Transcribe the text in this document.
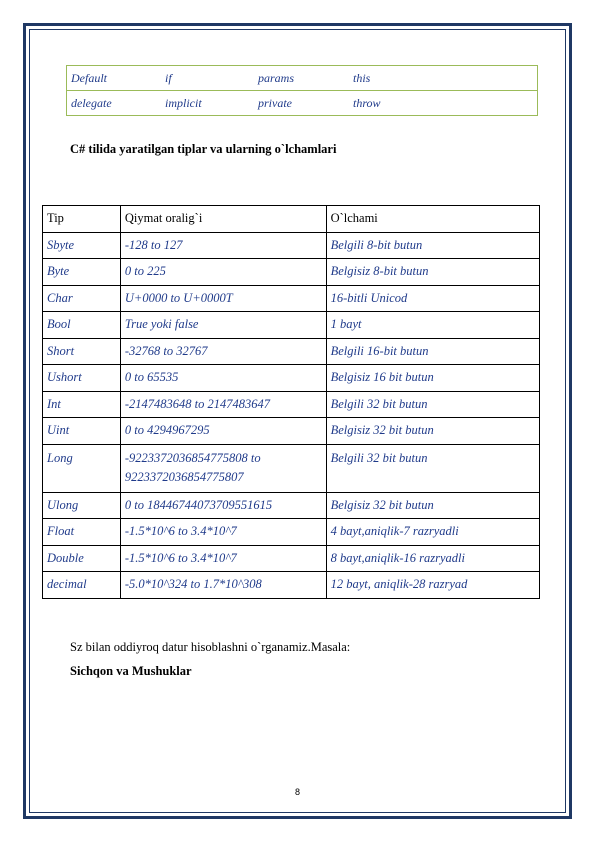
Default	if	params	this
delegate	implicit	private	throw
C# tilida yaratilgan tiplar va ularning o`lchamlari
Tip	Qiymat oralig`i	O`lchami
Sbyte	-128 to 127	Belgili 8-bit butun
Byte	0 to 225	Belgisiz 8-bit butun
Char	U+0000 to U+0000T	16-bitli Unicod
Bool	True yoki false	1 bayt
Short	-32768 to 32767	Belgili 16-bit butun
Ushort	0 to 65535	Belgisiz 16 bit butun
Int	-2147483648 to 2147483647	Belgili 32 bit butun
Uint	0 to 4294967295	Belgisiz 32 bit butun
Long	-9223372036854775808 to 9223372036854775807	Belgili 32 bit butun
Ulong	0 to 18446744073709551615	Belgisiz 32 bit butun
Float	-1.5*10^6 to 3.4*10^7	4 bayt,aniqlik-7 razryadli
Double	-1.5*10^6 to 3.4*10^7	8 bayt,aniqlik-16 razryadli
decimal	-5.0*10^324 to 1.7*10^308	12 bayt, aniqlik-28 razryad
Sz bilan oddiyroq datur hisoblashni o`rganamiz.Masala:
Sichqon va Mushuklar
8
